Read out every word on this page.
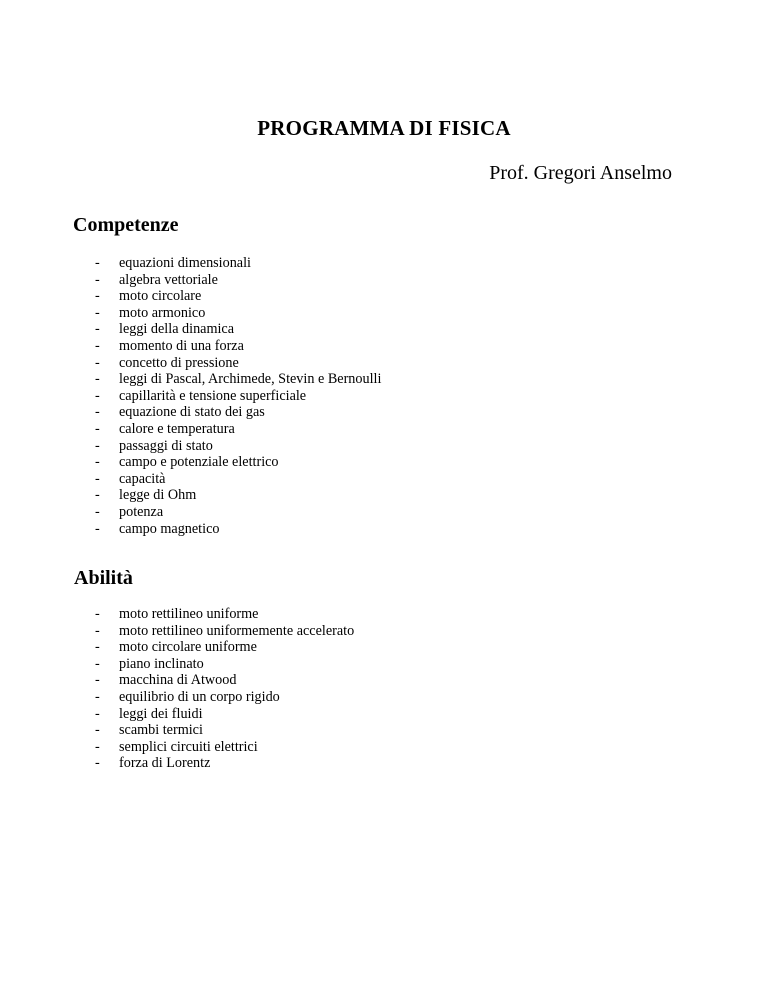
PROGRAMMA DI FISICA
Prof. Gregori Anselmo
Competenze
- equazioni dimensionali
- algebra vettoriale
- moto circolare
- moto armonico
- leggi della dinamica
- momento di una forza
- concetto di pressione
- leggi di Pascal, Archimede, Stevin e Bernoulli
- capillarità e tensione superficiale
- equazione di stato dei gas
- calore e temperatura
- passaggi di stato
- campo e potenziale elettrico
- capacità
- legge di Ohm
- potenza
- campo magnetico
Abilità
- moto rettilineo uniforme
- moto rettilineo uniformemente accelerato
- moto circolare uniforme
- piano inclinato
- macchina di Atwood
- equilibrio di un corpo rigido
- leggi dei fluidi
- scambi termici
- semplici circuiti elettrici
- forza di Lorentz
